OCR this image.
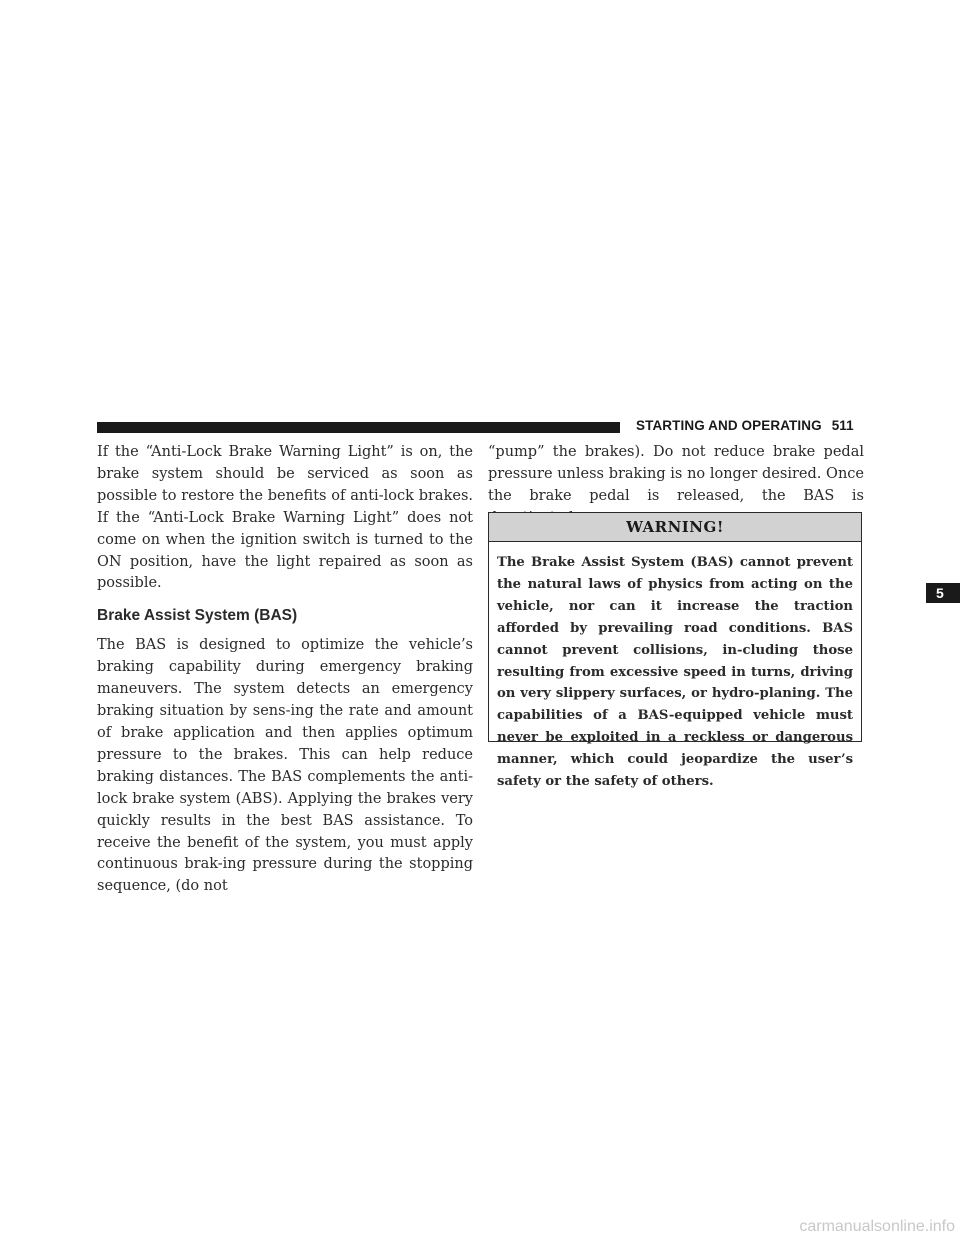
STARTING AND OPERATING 511

If the “Anti-Lock Brake Warning Light” is on, the brake system should be serviced as soon as possible to restore the benefits of anti-lock brakes. If the “Anti-Lock Brake Warning Light” does not come on when the ignition switch is turned to the ON position, have the light repaired as soon as possible.

Brake Assist System (BAS)

The BAS is designed to optimize the vehicle’s braking capability during emergency braking maneuvers. The system detects an emergency braking situation by sens-ing the rate and amount of brake application and then applies optimum pressure to the brakes. This can help reduce braking distances. The BAS complements the anti-lock brake system (ABS). Applying the brakes very quickly results in the best BAS assistance. To receive the benefit of the system, you must apply continuous brak-ing pressure during the stopping sequence, (do not

“pump” the brakes). Do not reduce brake pedal pressure unless braking is no longer desired. Once the brake pedal is released, the BAS is

WARNING!

The Brake Assist System (BAS) cannot prevent the natural laws of physics from acting on the vehicle, nor can it increase the traction afforded by prevailing road conditions. BAS cannot prevent collisions, in-cluding those resulting from excessive speed in turns, driving on very slippery surfaces, or hydro-planing. The capabilities of a BAS-equipped vehicle must never be exploited in a reckless or dangerous manner, which could jeopardize the user’s safety or the safety of others.

5
carmanualsonline.info
